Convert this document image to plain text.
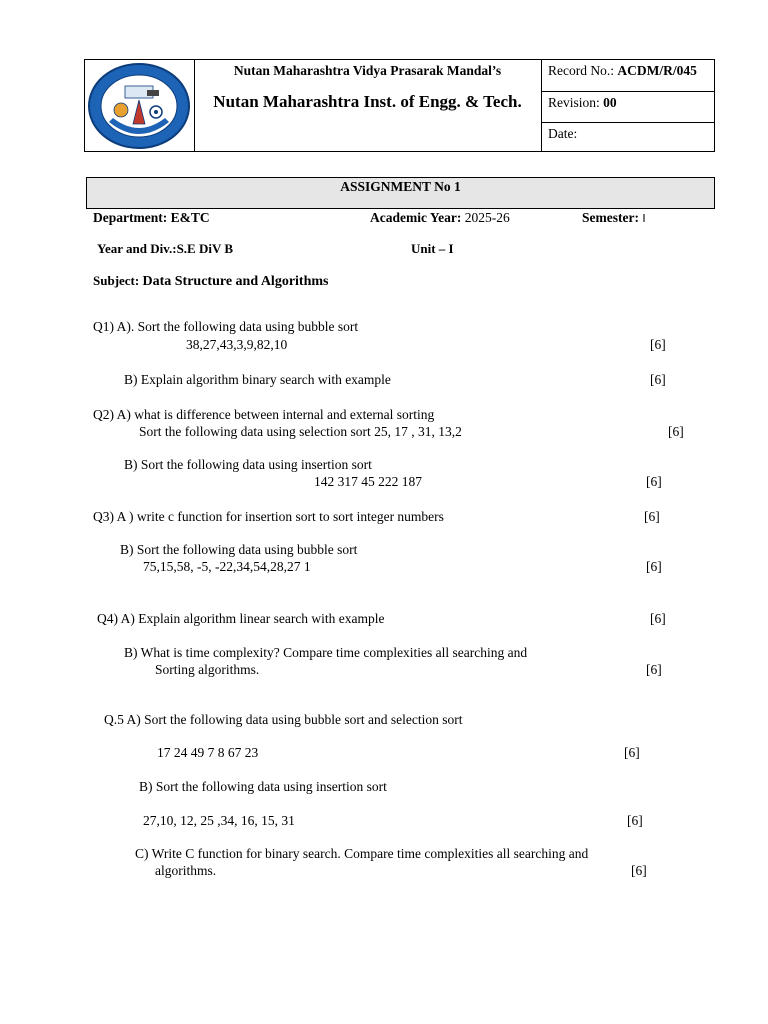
Nutan Maharashtra Vidya Prasarak Mandal’s
Nutan Maharashtra Inst. of Engg. & Tech.
Record No.: ACDM/R/045
Revision: 00
Date:
ASSIGNMENT No 1
Department: E&TC	Academic Year: 2025-26	Semester: I
Year and Div.:S.E DiV B	Unit – I
Subject: Data Structure and Algorithms
Q1) A). Sort the following data using bubble sort
38,27,43,3,9,82,10	[6]
B) Explain algorithm binary search with example	[6]
Q2) A) what is difference between internal and external sorting
Sort the following data using selection sort 25, 17 , 31, 13,2	[6]
B) Sort the following data using insertion sort
142 317 45 222 187	[6]
Q3) A ) write c function for insertion sort to sort integer numbers	[6]
B) Sort the following data using bubble sort
75,15,58, -5, -22,34,54,28,27 1	[6]
Q4) A) Explain algorithm linear search with example	[6]
B) What is time complexity? Compare time complexities all searching and
Sorting algorithms.	[6]
Q.5 A) Sort the following data using bubble sort and selection sort
17 24 49 7 8 67 23	[6]
B) Sort the following data using insertion sort
27,10, 12, 25 ,34, 16, 15, 31	[6]
C) Write C function for binary search. Compare time complexities all searching and
algorithms.	[6]
